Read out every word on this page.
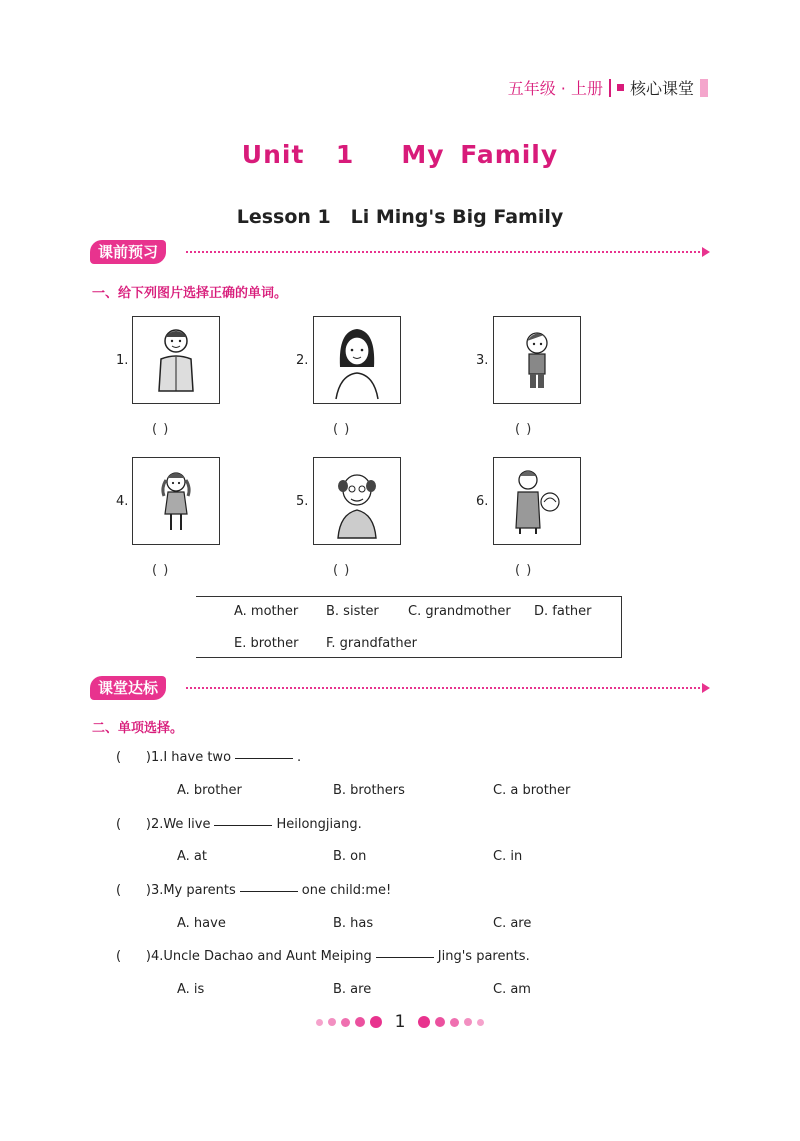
五年级 · 上册 核心课堂
Unit  1   My Family
Lesson 1   Li Ming's Big Family
课前预习
一、给下列图片选择正确的单词。
1.
( )
2.
( )
3.
( )
4.
( )
5.
( )
6.
( )
A. mother B. sister C. grandmother D. father
E. brother F. grandfather
课堂达标
二、单项选择。
(      )1.I have two	.
A. brother	B. brothers	C. a brother
(      )2.We live	Heilongjiang.
A. at	B. on	C. in
(      )3.My parents	one child:me!
A. have	B. has	C. are
(      )4.Uncle Dachao and Aunt Meiping	Jing's parents.
A. is	B. are	C. am
1
